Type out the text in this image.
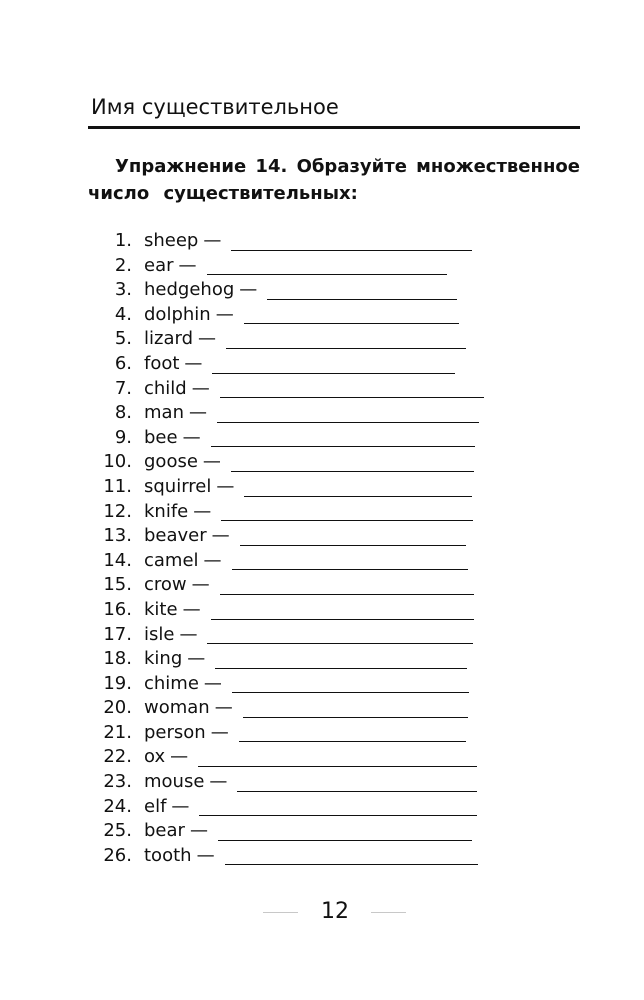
Имя существительное
Упражнение 14. Образуйте множественное
число существительных:
1. sheep —
2. ear —
3. hedgehog —
4. dolphin —
5. lizard —
6. foot —
7. child —
8. man —
9. bee —
10. goose —
11. squirrel —
12. knife —
13. beaver —
14. camel —
15. crow —
16. kite —
17. isle —
18. king —
19. chime —
20. woman —
21. person —
22. ox —
23. mouse —
24. elf —
25. bear —
26. tooth —
12
